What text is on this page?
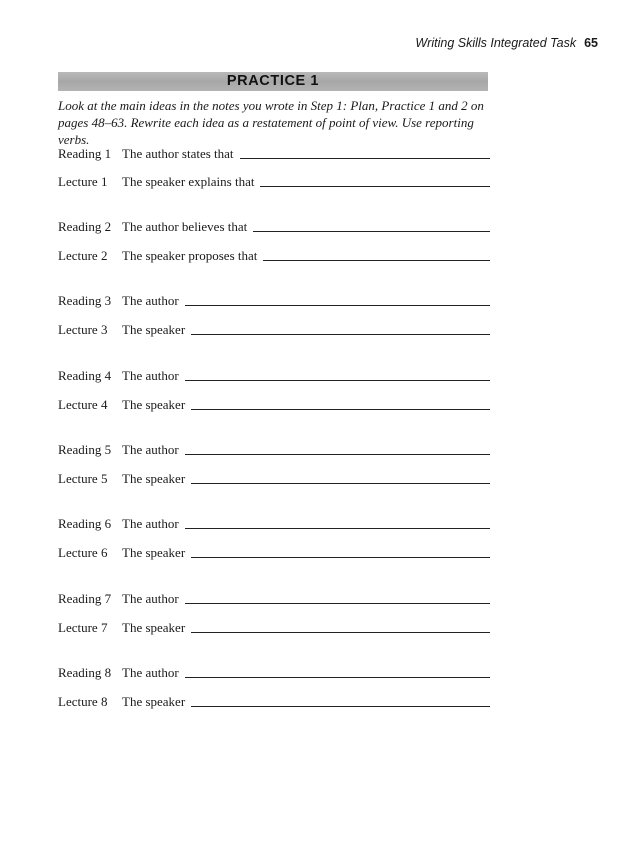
Writing Skills Integrated Task 65
PRACTICE 1

Look at the main ideas in the notes you wrote in Step 1: Plan, Practice 1 and 2 on pages 48–63. Rewrite each idea as a restatement of point of view. Use reporting verbs.

Reading 1 The author states that
Lecture 1	The speaker explains that
Reading 2 The author believes that
Lecture 2	The speaker proposes that
Reading 3 The author
Lecture 3	The speaker
Reading 4 The author
Lecture 4	The speaker
Reading 5 The author
Lecture 5	The speaker
Reading 6 The author
Lecture 6	The speaker
Reading 7 The author
Lecture 7	The speaker
Reading 8 The author
Lecture 8	The speaker
